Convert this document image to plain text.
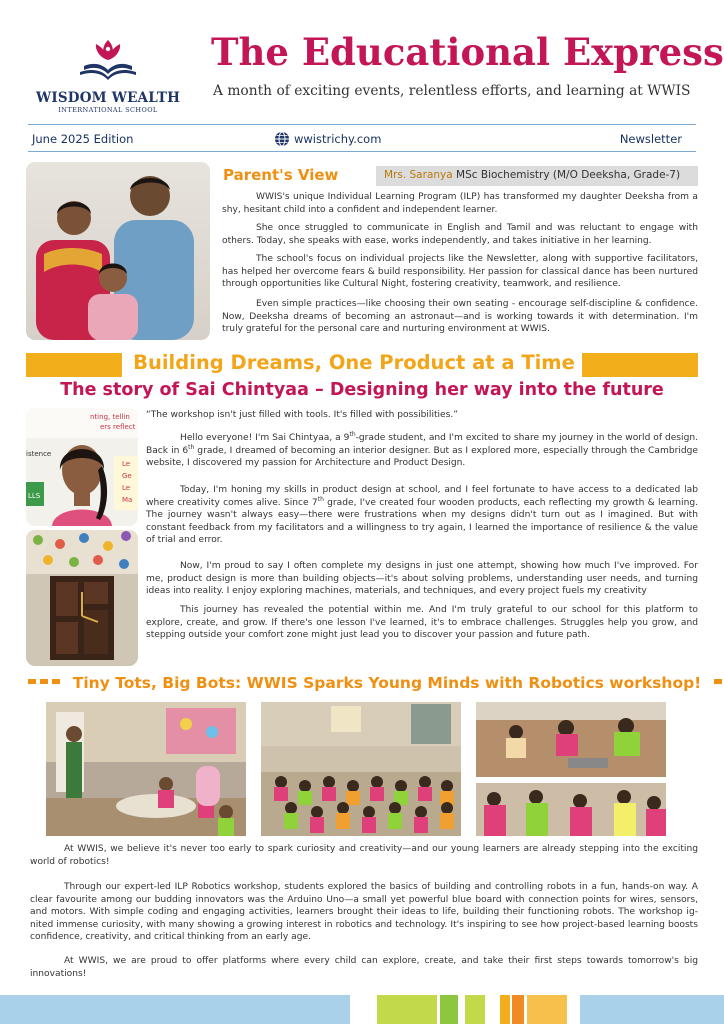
WISDOM WEALTH
INTERNATIONAL SCHOOL
The Educational Express
A month of exciting events, relentless efforts, and learning at WWIS
June 2025 Edition	wwistrichy.com	Newsletter
Parent's View	Mrs. Saranya MSc Biochemistry (M/O Deeksha, Grade-7)
WWIS's unique Individual Learning Program (ILP) has transformed my daughter Deeksha from a shy, hesitant child into a confident and independent learner.
She once struggled to communicate in English and Tamil and was reluctant to engage with others. Today, she speaks with ease, works independently, and takes initiative in her learning.
The school's focus on individual projects like the Newsletter, along with supportive facilitators, has helped her overcome fears & build responsibility. Her passion for classical dance has been nurtured through opportunities like Cultural Night, fostering creativity, teamwork, and resilience.
Even simple practices—like choosing their own seating - encourage self-discipline & confidence. Now, Deeksha dreams of becoming an astronaut—and is working towards it with determination. I'm truly grateful for the personal care and nurturing environment at WWIS.
Building Dreams, One Product at a Time
The story of Sai Chintyaa – Designing her way into the future
nting, tellin
ers reflect
istence
Le
Ge
Le
Ma
LLS
“The workshop isn't just filled with tools. It's filled with possibilities.”
Hello everyone! I'm Sai Chintyaa, a 9th-grade student, and I'm excited to share my journey in the world of design. Back in 6th grade, I dreamed of becoming an interior designer. But as I explored more, especially through the Cambridge website, I discovered my passion for Architecture and Product Design.
Today, I'm honing my skills in product design at school, and I feel fortunate to have access to a dedicated lab where creativity comes alive. Since 7th grade, I've created four wooden products, each reflecting my growth & learning. The journey wasn't always easy—there were frustrations when my designs didn't turn out as I imagined. But with constant feedback from my facilitators and a willingness to try again, I learned the importance of resilience & the value of trial and error.
Now, I'm proud to say I often complete my designs in just one attempt, showing how much I've improved. For me, product design is more than building objects—it's about solving problems, understanding user needs, and turning ideas into reality. I enjoy exploring machines, materials, and techniques, and every project fuels my creativity
This journey has revealed the potential within me. And I'm truly grateful to our school for this platform to explore, create, and grow. If there's one lesson I've learned, it's to embrace challenges. Struggles help you grow, and stepping outside your comfort zone might just lead you to discover your passion and future path.
Tiny Tots, Big Bots: WWIS Sparks Young Minds with Robotics workshop!
At WWIS, we believe it's never too early to spark curiosity and creativity—and our young learners are already stepping into the exciting world of robotics!
Through our expert-led ILP Robotics workshop, students explored the basics of building and controlling robots in a fun, hands-on way. A clear favourite among our budding innovators was the Arduino Uno—a small yet powerful blue board with connection points for wires, sensors, and motors. With simple coding and engaging activities, learners brought their ideas to life, building their functioning robots. The workshop ig-nited immense curiosity, with many showing a growing interest in robotics and technology. It's inspiring to see how project-based learning boosts confidence, creativity, and critical thinking from an early age.
At WWIS, we are proud to offer platforms where every child can explore, create, and take their first steps towards tomorrow's big innovations!
